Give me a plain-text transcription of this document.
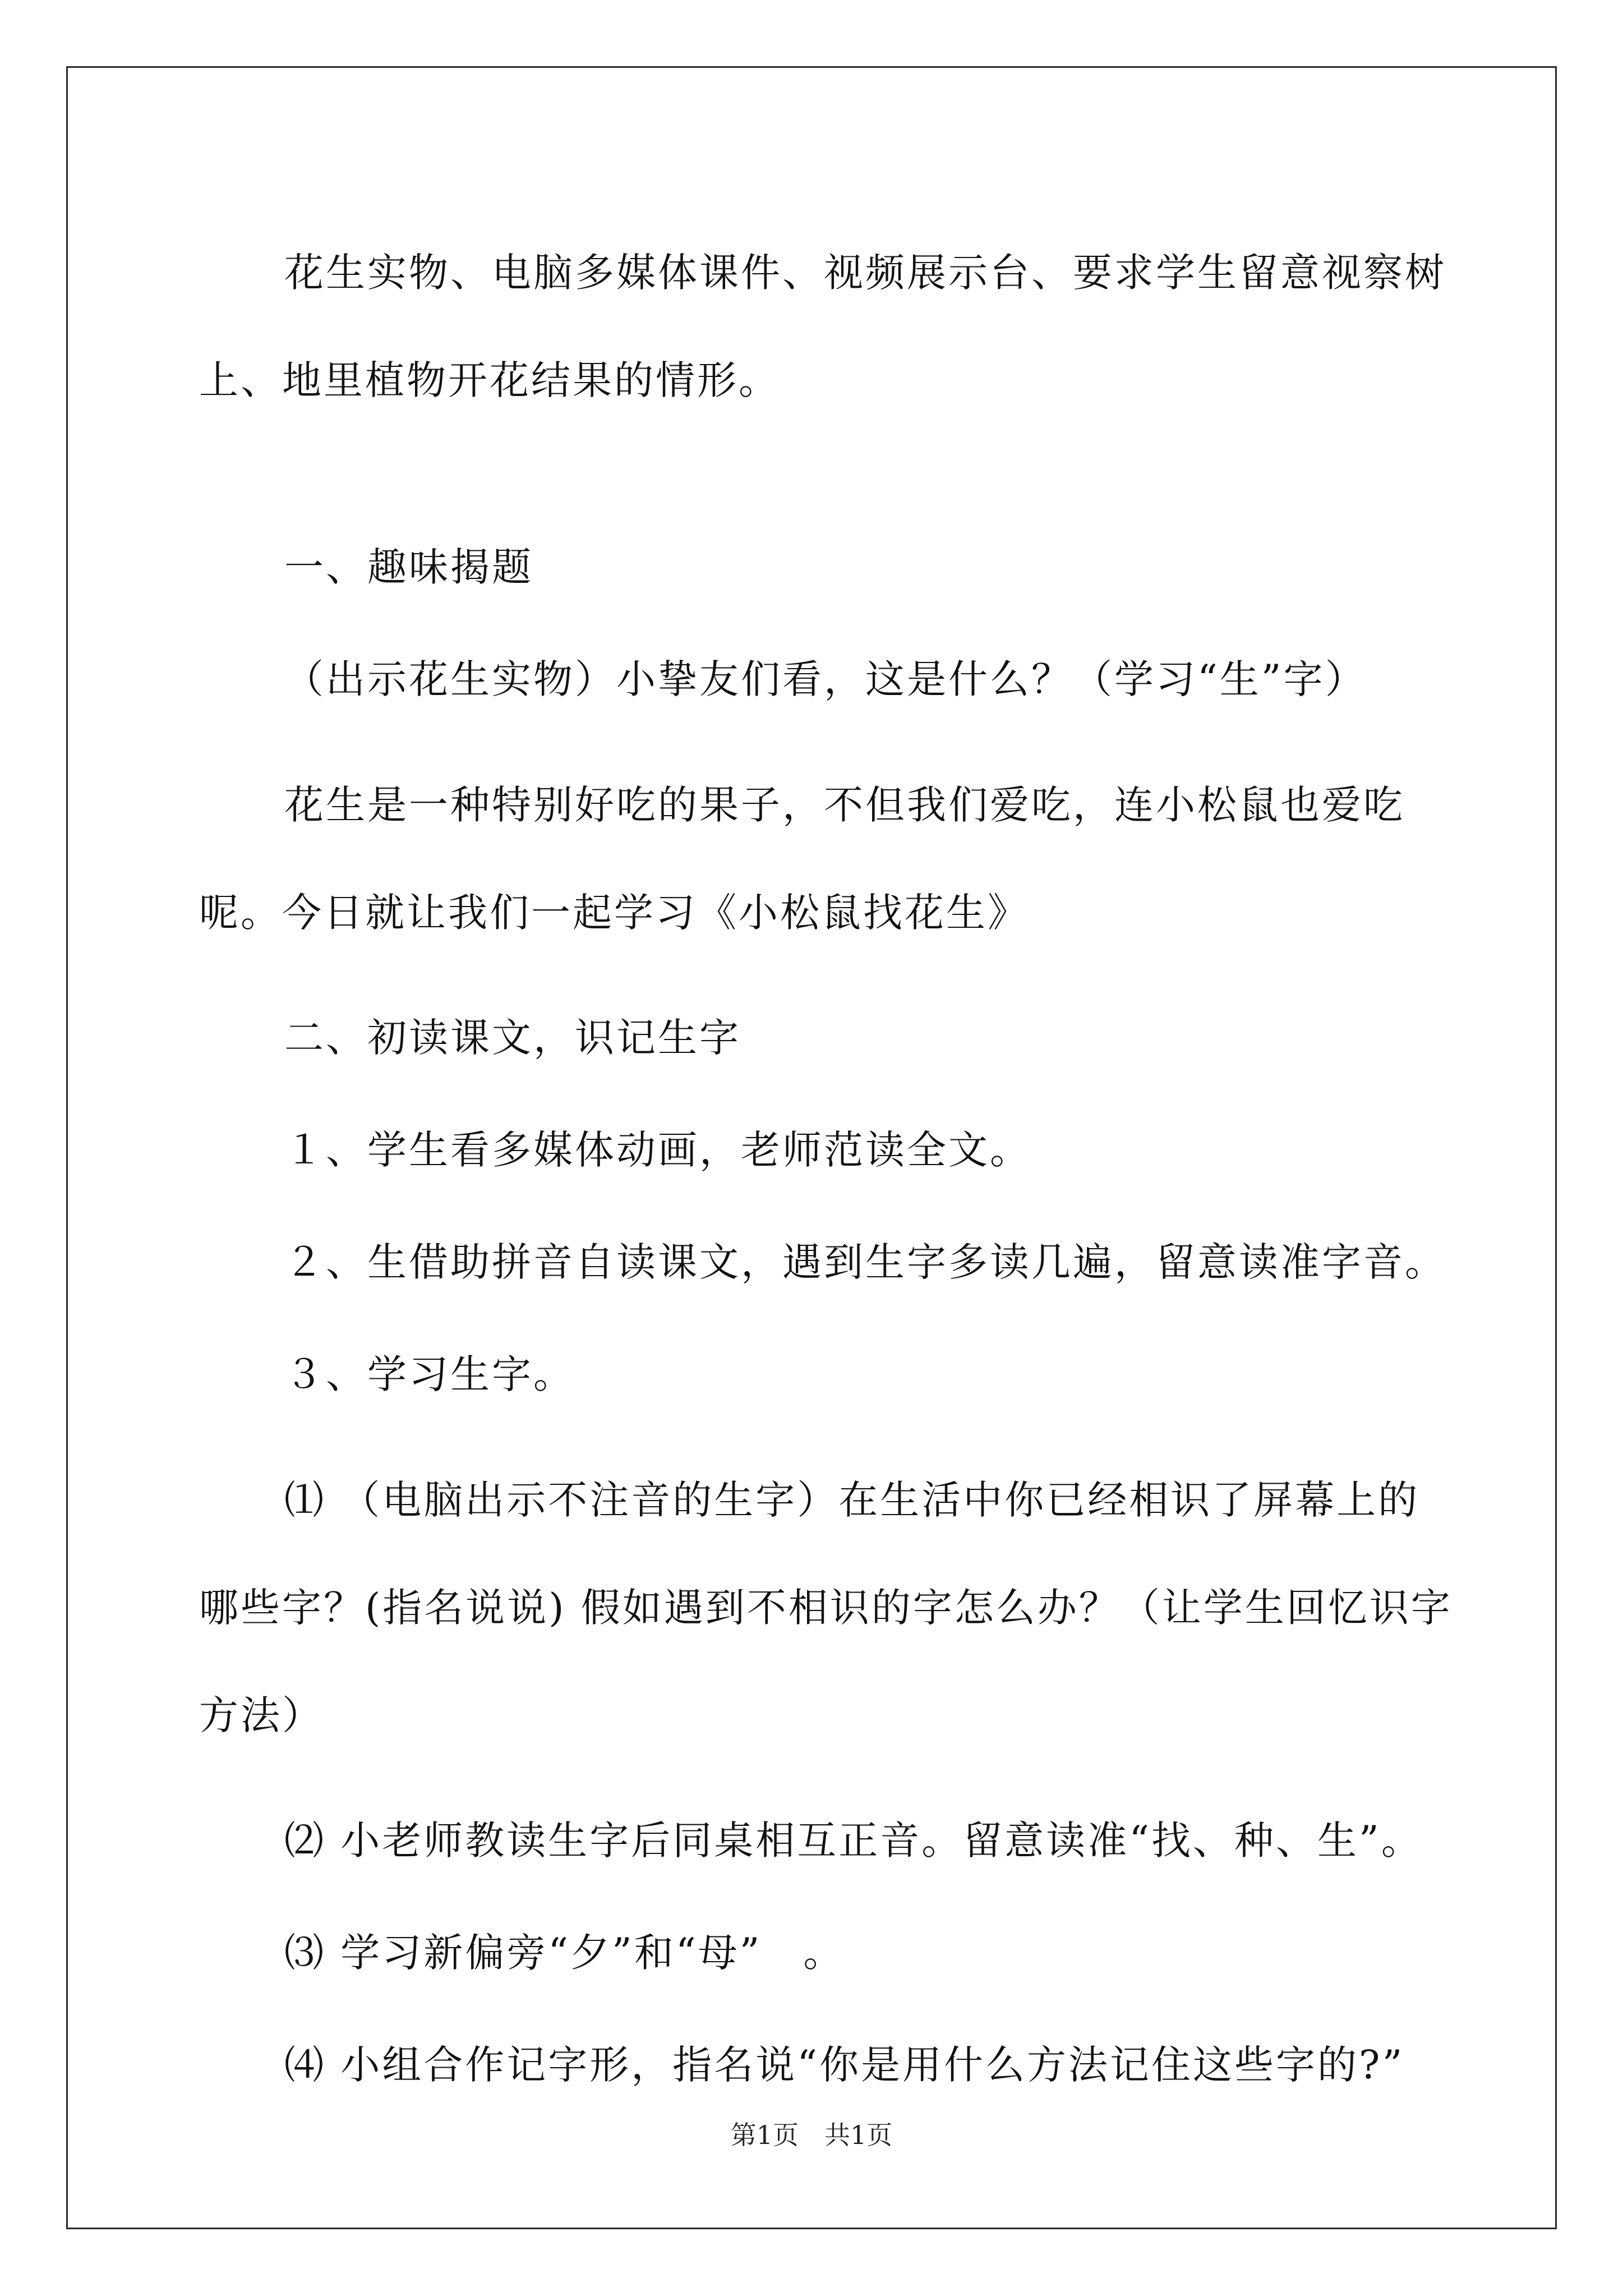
花生实物、电脑多媒体课件、视频展示台、要求学生留意视察树上、地里植物开花结果的情形。

一、趣味揭题

（出示花生实物）小挚友们看，这是什么？（学习“生”字）

花生是一种特别好吃的果子，不但我们爱吃，连小松鼠也爱吃呢。今日就让我们一起学习《小松鼠找花生》

二、初读课文，识记生字

１、学生看多媒体动画，老师范读全文。

２、生借助拼音自读课文，遇到生字多读几遍，留意读准字音。

３、学习生字。

⑴ （电脑出示不注音的生字）在生活中你已经相识了屏幕上的哪些字？(指名说说) 假如遇到不相识的字怎么办？（让学生回忆识字方法）

⑵ 小老师教读生字后同桌相互正音。留意读准“找、种、生”。

⑶ 学习新偏旁“夕”和“母”　。

⑷ 小组合作记字形，指名说“你是用什么方法记住这些字的?”

第1页　共1页
